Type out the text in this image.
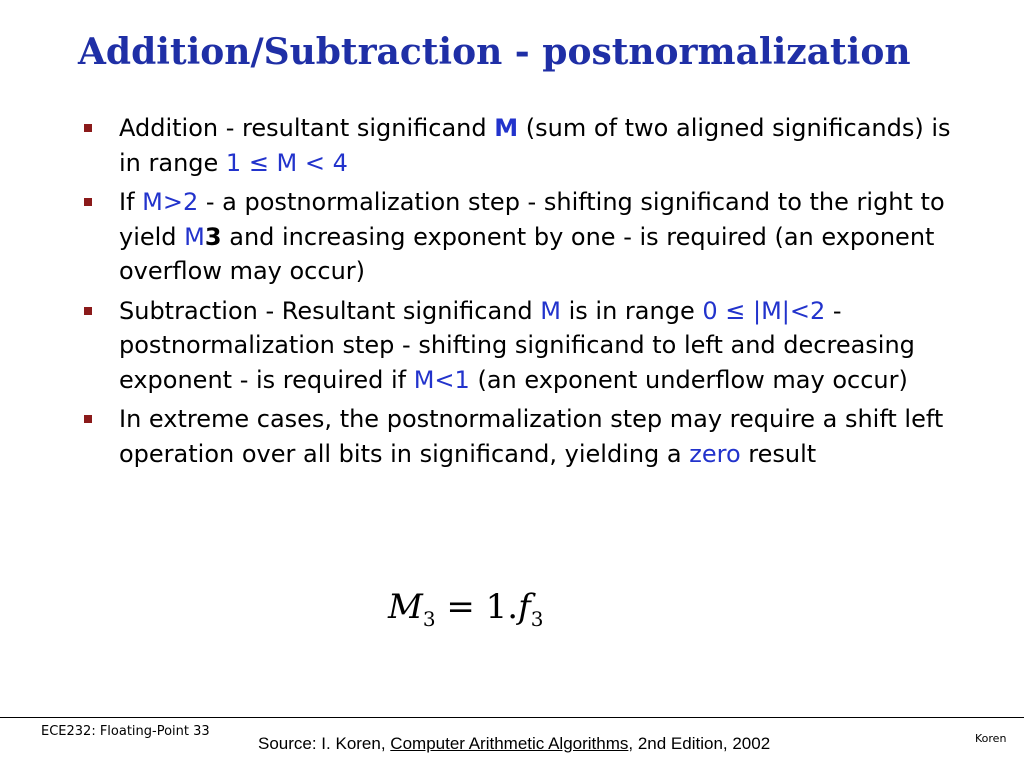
Addition/Subtraction - postnormalization
Addition - resultant significand M (sum of two aligned significands) is in range 1 ≤ M < 4
If M>2 - a postnormalization step - shifting significand to the right to yield M3 and increasing exponent by one - is required (an exponent overflow may occur)
Subtraction - Resultant significand M is in range 0 ≤ |M|<2 - postnormalization step - shifting significand to left and decreasing exponent - is required if M<1 (an exponent underflow may occur)
In extreme cases, the postnormalization step may require a shift left operation over all bits in significand, yielding a zero result
$M_3 = 1.f_3$
ECE232: Floating-Point 33
Source: I. Koren, Computer Arithmetic Algorithms, 2nd Edition, 2002	Koren
